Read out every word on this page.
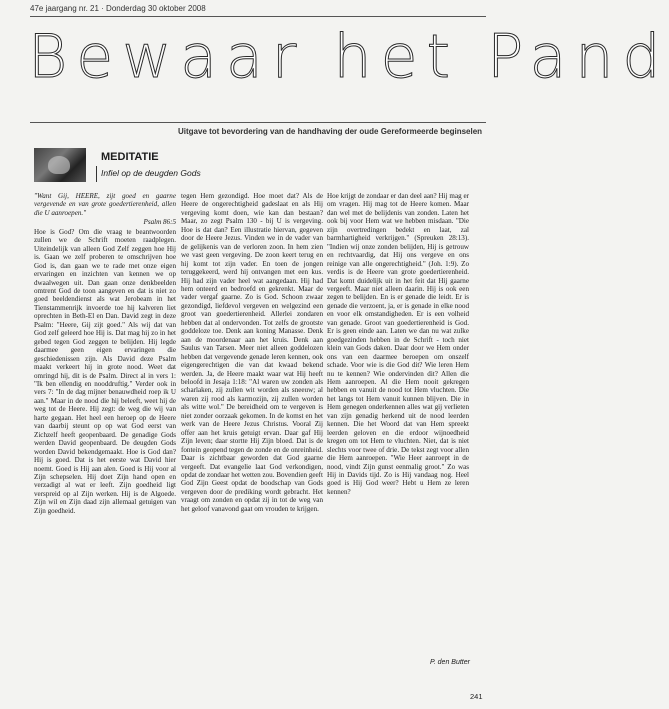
47e jaargang nr. 21 · Donderdag 30 oktober 2008
Bewaar het Pand
Uitgave tot bevordering van de handhaving der oude Gereformeerde beginselen
MEDITATIE
Infiel op de deugden Gods

"Want Gij, HEERE, zijt goed en gaarne vergevende en van grote goedertierenheid, allen die U aanroepen."

Psalm 86:5

Hoe is God? Om die vraag te beantwoorden zullen we de Schrift moeten raadplegen. Uiteindelijk van alleen God Zelf zeggen hoe Hij is. Gaan we zelf proberen te omschrijven hoe God is, dan gaan we te rade met onze eigen ervaringen en inzichten van kennen we op dwaalwegen uit. Dan gaan onze denkbeelden omtrent God de toon aangeven en dat is niet zo goed beeldendienst als wat Jerobeam in het Tienstammenrijk invoerde toe hij kalveren liet oprechten in Beth-El en Dan. David zegt in deze Psalm: "Heere, Gij zijt goed." Als wij dat van God zelf geleerd hoe Hij is. Dat mag hij zo in het gebed tegen God zeggen te belijden. Hij legde daarmee geen eigen ervaringen die geschiedenissen zijn. Als David deze Psalm maakt verkeert hij in grote nood. Weet dat omringd hij, dit is de Psalm. Direct al in vers 1: "Ik ben ellendig en nooddruftig." Verder ook in vers 7: "In de dag mijner benauwdheid roep ik U aan." Maar in de nood die hij beleeft, weet hij de weg tot de Heere. Hij zegt: de weg die wij van harte gegaan. Het heel een heroep op de Heere van daarbij steunt op op wat God eerst van Zichzelf heeft geopenbaard. De genadige Gods werden David geopenbaard. De deugden Gods worden David bekendgemaakt. Hoe is God dan? Hij is goed. Dat is het eerste wat David hier noemt. Goed is Hij aan alen. Goed is Hij voor al Zijn schepselen. Hij doet Zijn hand open en verzadigt al wat er leeft. Zijn goedheid ligt verspreid op al Zijn werken. Hij is de Algoede. Zijn wil en Zijn daad zijn allemaal getuigen van Zijn goedheid.

tegen Hem gezondigd. Hoe moet dat? Als de Heere de ongerechtigheid gadeslaat en als Hij vergeving komt doen, wie kan dan bestaan? Maar, zo zegt Psalm 130 - bij U is vergeving. Hoe is dat dan? Een illustratie hiervan, gegeven door de Heere Jezus. Vinden we in de vader van de gelijkenis van de verloren zoon. In hem zien we vast geen vergeving. De zoon keert terug en hij komt tot zijn vader. En toen de jongen teruggekeerd, werd hij ontvangen met een kus. Hij had zijn vader heel wat aangedaan. Hij had hem onteerd en bedroefd en gekrenkt. Maar de vader vergaf gaarne. Zo is God. Schoon zwaar gezondigd, liefdevol vergeven en welgezind een groot van goedertierenheid. Allerlei zondaren hebben dat al ondervonden. Tot zelfs de grootste goddeloze toe. Denk aan koning Manasse. Denk aan de moordenaar aan het kruis. Denk aan Saulus van Tarsen. Meer niet alleen goddelozen hebben dat vergevende genade leren kennen, ook eigengerechtigen die van dat kwaad bekend werden. Ja, de Heere maakt waar wat Hij heeft beloofd in Jesaja 1:18: "Al waren uw zonden als scharlaken, zij zullen wit worden als sneeuw; al waren zij rood als karmozijn, zij zullen worden als witte wol." De bereidheid om te vergeven is niet zonder oorzaak gekomen. In de komst en het werk van de Heere Jezus Christus. Vooral Zij offer aan het kruis getuigt ervan. Daar gaf Hij Zijn leven; daar stortte Hij Zijn bloed. Dat is de fontein geopend tegen de zonde en de onreinheid. Daar is zichtbaar geworden dat God gaarne vergeeft. Dat evangelie laat God verkondigen, opdat de zondaar het wetten zou. Bovendien geeft God Zijn Geest opdat de boodschap van Gods vergeven door de prediking wordt gebracht. Het vraagt om zonden en opdat zij in tot de weg van het geloof vanavond gaat om vrouden te krijgen.

Hoe krijgt de zondaar er dan deel aan? Hij mag er om vragen. Hij mag tot de Heere komen. Maar dan wel met de belijdenis van zonden. Laten het ook bij voor Hem wat we hebben misdaan. "Die zijn overtredingen bedekt en laat, zal barmhartigheid verkrijgen." (Spreuken 28:13). "Indien wij onze zonden belijden, Hij is getrouw en rechtvaardig, dat Hij ons vergeve en ons reinige van alle ongerechtigheid." (Joh. 1:9). Zo verdis is de Heere van grote goedertierenheid. Dat komt duidelijk uit in het feit dat Hij gaarne vergeeft. Maar niet alleen daarin. Hij is ook een zegen te belijden. En is er genade die leidt. Er is genade die verzoent, ja, er is genade in elke nood en voor elk omstandigheden. Er is een volheid van genade. Groot van goedertierenheid is God. Er is geen einde aan. Laten we dan nu wat zulke goedgezinden hebben in de Schrift - toch niet klein van Gods daken. Daar door we Hem onder ons van een daarmee beroepen om onszelf schade. Voor wie is die God dit? Wie leren Hem nu te kennen? Wie ondervinden dit? Allen die Hem aanroepen. Al die Hem nooit gekregen hebben en vanuit de nood tot Hem vluchten. Die het langs tot Hem vanuit kunnen blijven. Die in Hem genegen onderkennen alles wat gij verlieten van zijn genadig herkend uit de nood leerden kennen. Die het Woord dat van Hem spreekt leerden geloven en die erdoor wijnoedheid kregen om tot Hem te vluchten. Niet, dat is niet slechts voor twee of drie. De tekst zegt voor allen die Hem aanroepen. "Wie Heer aanroept in de nood, vindt Zijn gunst eenmalig groot." Zo was Hij in Davids tijd. Zo is Hij vandaag nog. Heel goed is Hij God weer? Hebt u Hem ze leren kennen?

P. den Butter
241
